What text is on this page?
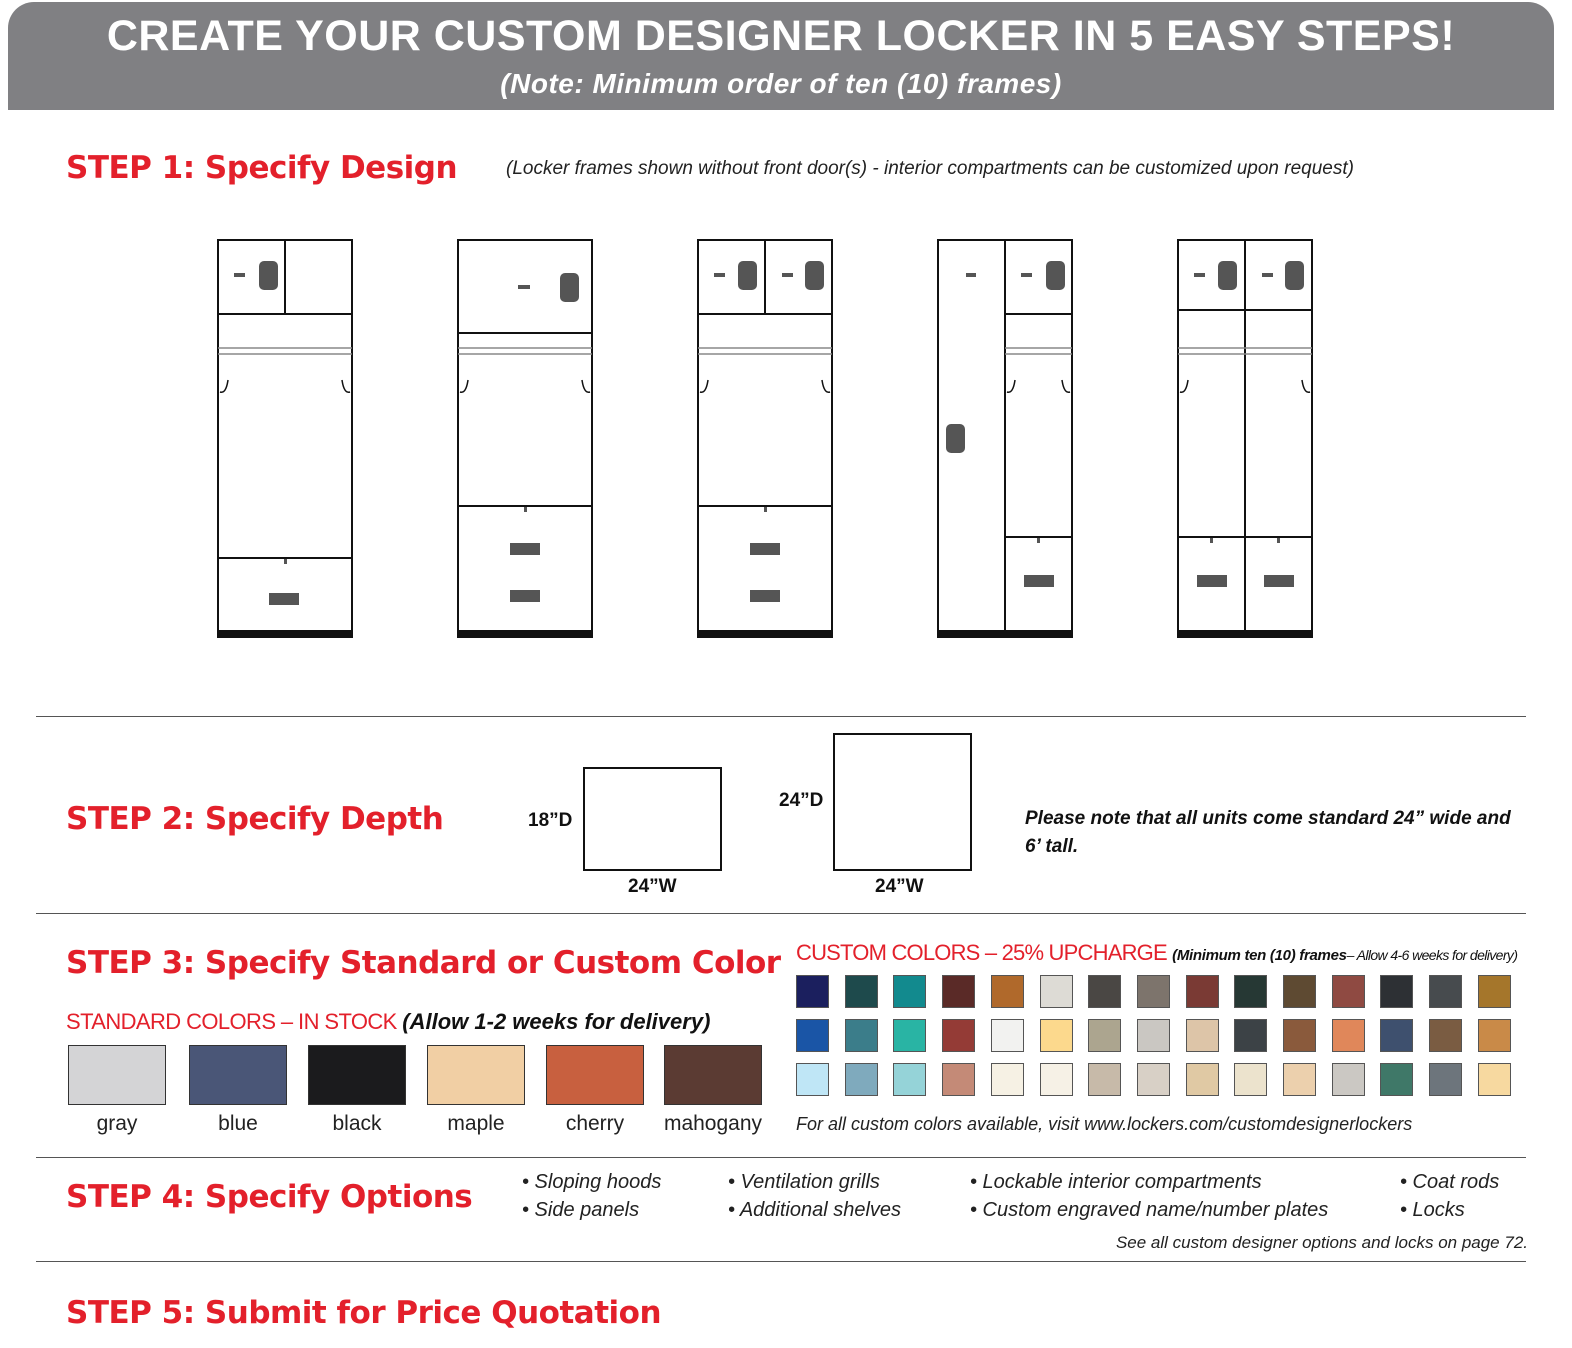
CREATE YOUR CUSTOM DESIGNER LOCKER IN 5 EASY STEPS!
(Note: Minimum order of ten (10) frames)
STEP 1: Specify Design	(Locker frames shown without front door(s) - interior compartments can be customized upon request)
STEP 2: Specify Depth	18”D
24”W
24”D
24”W
Please note that all units come standard 24” wide and 6’ tall.
STEP 3: Specify Standard or Custom Color
STANDARD COLORS – IN STOCK (Allow 1-2 weeks for delivery)
gray	blue	black	maple	cherry	mahogany
CUSTOM COLORS – 25% UPCHARGE (Minimum ten (10) frames– Allow 4-6 weeks for delivery)
For all custom colors available, visit www.lockers.com/customdesignerlockers
STEP 4: Specify Options • Sloping hoods
• Side panels
• Ventilation grills
• Additional shelves
• Lockable interior compartments
• Custom engraved name/number plates
• Coat rods
• Locks
See all custom designer options and locks on page 72.
STEP 5: Submit for Price Quotation
